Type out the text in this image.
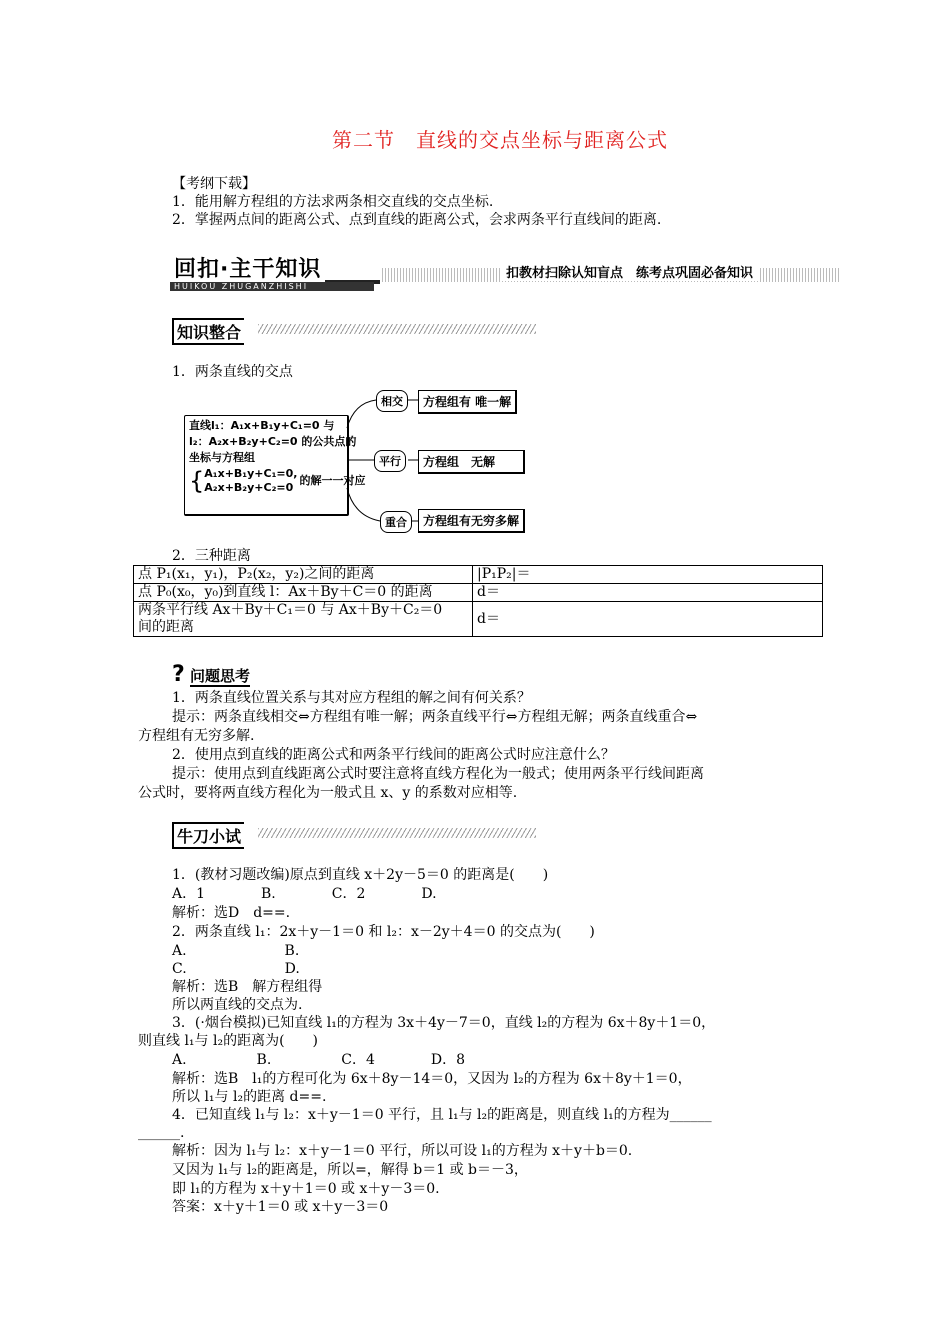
第二节　直线的交点坐标与距离公式
【考纲下载】
1．能用解方程组的方法求两条相交直线的交点坐标.
2．掌握两点间的距离公式、点到直线的距离公式，会求两条平行直线间的距离.
回扣·主干知识	扣教材扫除认知盲点　练考点巩固必备知识
HUIKOU ZHUGANZHISHI
知识整合
1．两条直线的交点
直线l₁：A₁x+B₁y+C₁=0 与
l₂：A₂x+B₂y+C₂=0 的公共点的
坐标与方程组
{ A₁x+B₁y+C₁=0,
A₂x+B₂y+C₂=0
的解一一对应
相交	方程组有 唯一解
平行	方程组　无解
重合	方程组有无穷多解
2．三种距离
点 P₁(x₁，y₁)，P₂(x₂，y₂)之间的距离	|P₁P₂|＝
点 P₀(x₀，y₀)到直线 l：Ax＋By＋C＝0 的距离	d＝
两条平行线 Ax＋By＋C₁＝0 与 Ax＋By＋C₂＝0
间的距离	d＝
? 问题思考
1．两条直线位置关系与其对应方程组的解之间有何关系？
提示：两条直线相交⇔方程组有唯一解；两条直线平行⇔方程组无解；两条直线重合⇔
方程组有无穷多解.
2．使用点到直线的距离公式和两条平行线间的距离公式时应注意什么？
提示：使用点到直线距离公式时要注意将直线方程化为一般式；使用两条平行线间距离
公式时，要将两直线方程化为一般式且 x、y 的系数对应相等.
牛刀小试
1．(教材习题改编)原点到直线 x＋2y－5＝0 的距离是(　　)
A．1　　　　B.　　　　C．2　　　　D.
解析：选D　d==.
2．两条直线 l₁：2x＋y－1＝0 和 l₂：x－2y＋4＝0 的交点为(　　)
A.　　　　　　　B.
C.　　　　　　　D.
解析：选B　解方程组得
所以两直线的交点为.
3．(·烟台模拟)已知直线 l₁的方程为 3x＋4y－7＝0，直线 l₂的方程为 6x＋8y＋1＝0，
则直线 l₁与 l₂的距离为(　　)
A.　　　　　B.　　　　　C．4　　　　D．8
解析：选B　l₁的方程可化为 6x＋8y－14＝0，又因为 l₂的方程为 6x＋8y＋1＝0，
所以 l₁与 l₂的距离 d==.
4．已知直线 l₁与 l₂：x＋y－1＝0 平行，且 l₁与 l₂的距离是，则直线 l₁的方程为______
______.
解析：因为 l₁与 l₂：x＋y－1＝0 平行，所以可设 l₁的方程为 x＋y＋b＝0.
又因为 l₁与 l₂的距离是，所以=，解得 b＝1 或 b＝－3，
即 l₁的方程为 x＋y＋1＝0 或 x＋y－3＝0.
答案：x＋y＋1＝0 或 x＋y－3＝0
